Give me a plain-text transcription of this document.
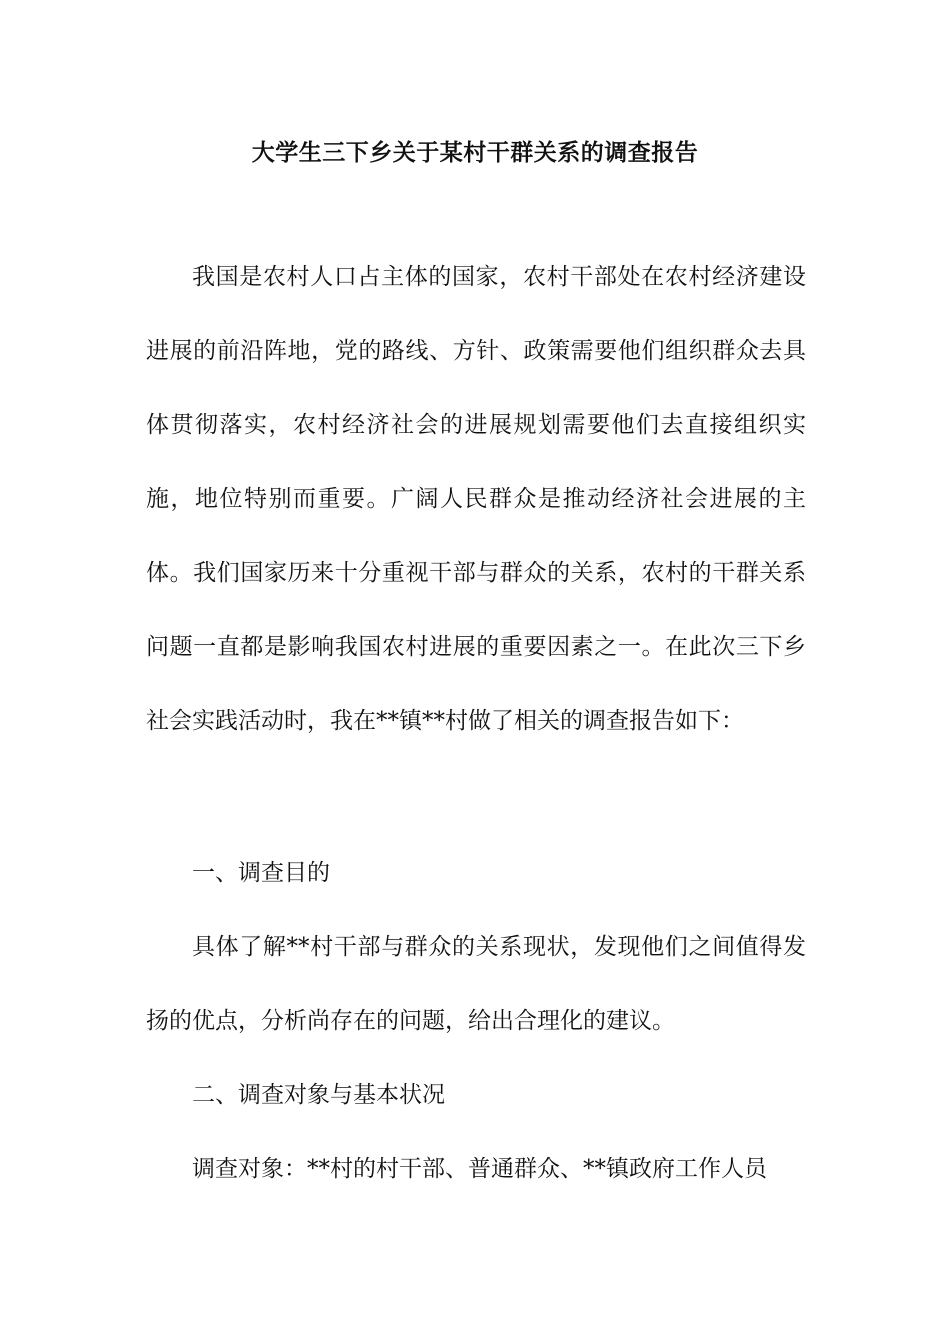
大学生三下乡关于某村干群关系的调查报告

我国是农村人口占主体的国家，农村干部处在农村经济建设进展的前沿阵地，党的路线、方针、政策需要他们组织群众去具体贯彻落实，农村经济社会的进展规划需要他们去直接组织实施，地位特别而重要。广阔人民群众是推动经济社会进展的主体。我们国家历来十分重视干部与群众的关系，农村的干群关系问题一直都是影响我国农村进展的重要因素之一。在此次三下乡社会实践活动时，我在**镇**村做了相关的调查报告如下：

一、调查目的

具体了解**村干部与群众的关系现状，发现他们之间值得发扬的优点，分析尚存在的问题，给出合理化的建议。

二、调查对象与基本状况

调查对象：**村的村干部、普通群众、**镇政府工作人员
